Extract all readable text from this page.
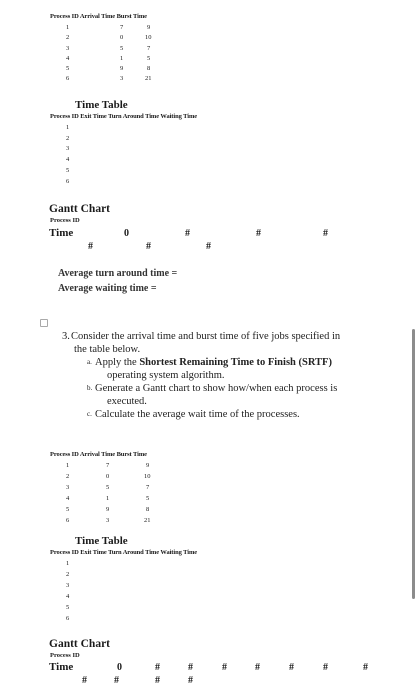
Process ID Arrival Time Burst Time
1	7	9
2	0	10
3	5	7
4	1	5
5	9	8
6	3	21
Time Table
Process ID Exit Time Turn Around Time Waiting Time
1
2
3
4
5
6
Gantt Chart
Process ID
Time	0	#	#	#
#	#	#
Average turn around time =
Average waiting time =
3. Consider the arrival time and burst time of five jobs specified in
the table below.
a. Apply the Shortest Remaining Time to Finish (SRTF)
operating system algorithm.
b. Generate a Gantt chart to show how/when each process is
executed.
c. Calculate the average wait time of the processes.
Process ID Arrival Time Burst Time
1	7	9
2	0	10
3	5	7
4	1	5
5	9	8
6	3	21
Time Table
Process ID Exit Time Turn Around Time Waiting Time
1
2
3
4
5
6
Gantt Chart
Process ID
Time	0	#	#	#	#	#	#	#
#	#	#	#
